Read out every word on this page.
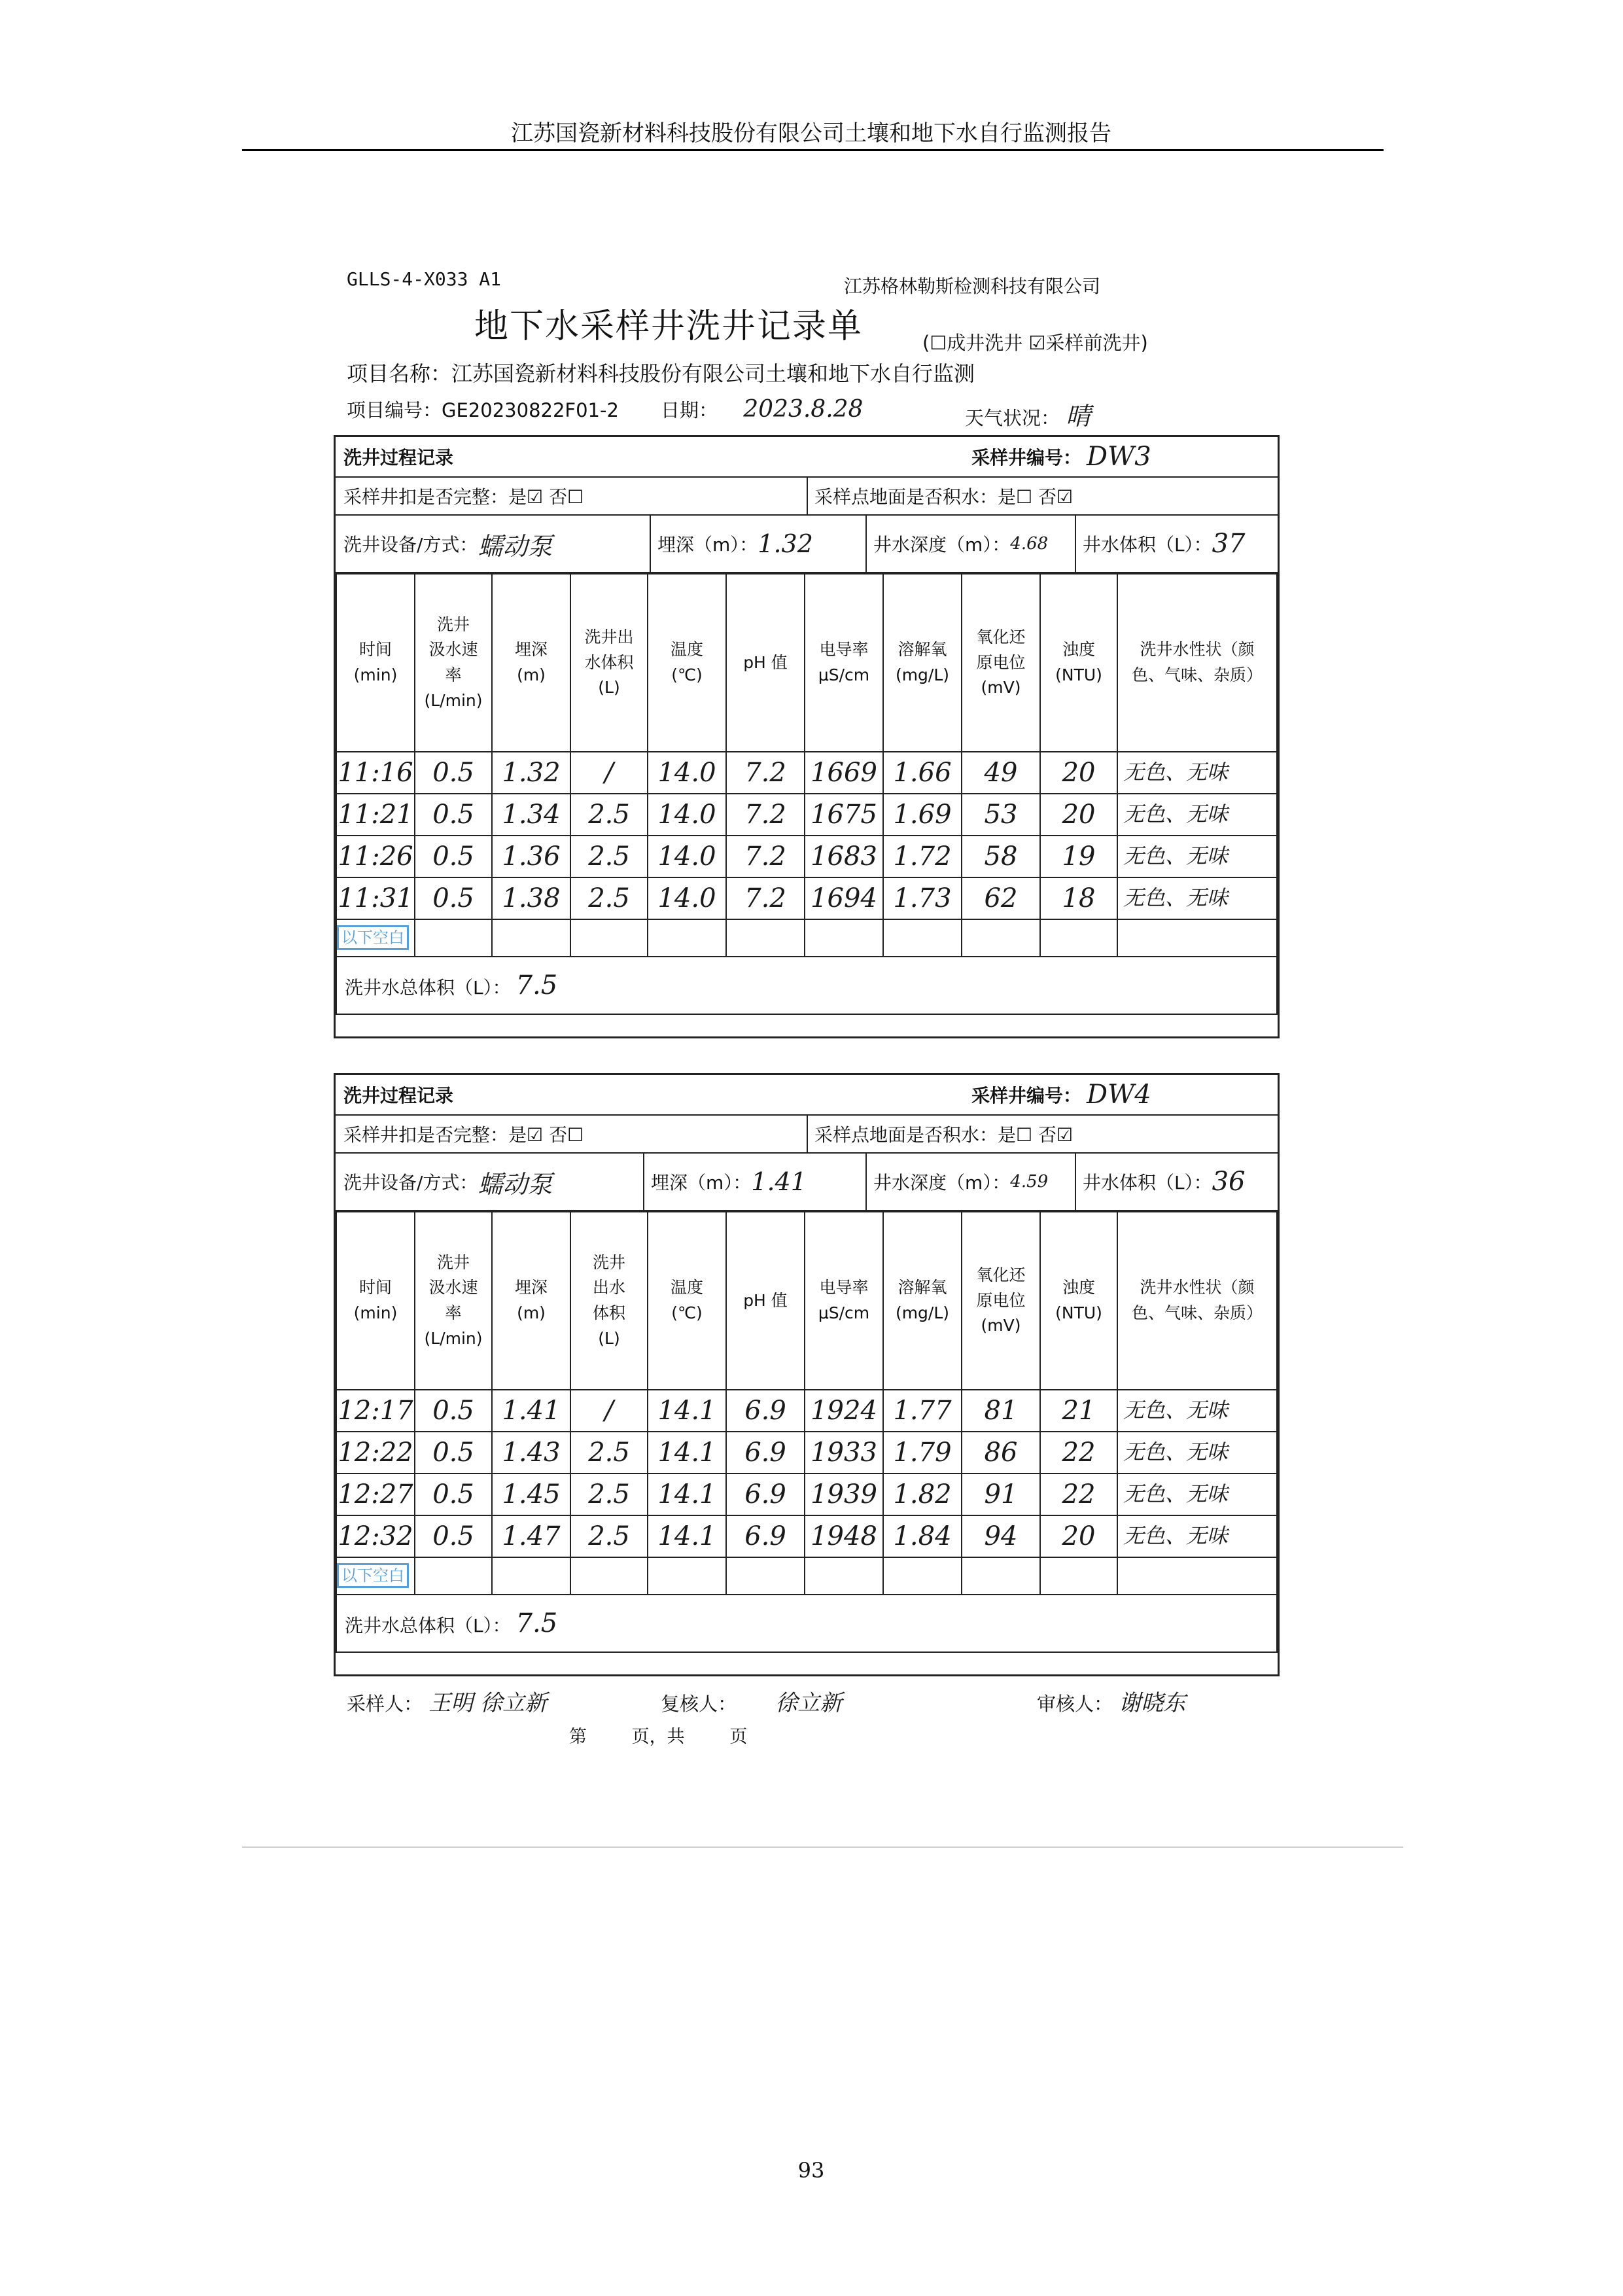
江苏国瓷新材料科技股份有限公司土壤和地下水自行监测报告
GLLS-4-X033 A1	江苏格林勒斯检测科技有限公司
地下水采样井洗井记录单	(☐成井洗井 ☑采样前洗井)
项目名称：江苏国瓷新材料科技股份有限公司土壤和地下水自行监测
项目编号：GE20230822F01-2 日期： 2023.8.28	天气状况： 晴
洗井过程记录	采样井编号： DW3
采样井扣是否完整： 是☑ 否☐	采样点地面是否积水： 是☐ 否☑
洗井设备/方式： 蠕动泵	埋深（m）： 1.32	井水深度（m）： 4.68 井水体积（L）： 37
时间
(min)	洗井
汲水速
率
(L/min)	埋深
(m)	洗井出
水体积
(L)	温度
(℃)	pH 值	电导率
μS/cm	溶解氧
(mg/L)	氧化还
原电位
(mV)	浊度
(NTU)	洗井水性状（颜
色、气味、杂质）
11:16	0.5	1.32	/	14.0	7.2	1669	1.66	49	20	无色、无味
11:21	0.5	1.34	2.5	14.0	7.2	1675	1.69	53	20	无色、无味
11:26	0.5	1.36	2.5	14.0	7.2	1683	1.72	58	19	无色、无味
11:31	0.5	1.38	2.5	14.0	7.2	1694	1.73	62	18	无色、无味
以下空白										
洗井水总体积（L）： 7.5										
洗井过程记录	采样井编号： DW4
采样井扣是否完整： 是☑ 否☐	采样点地面是否积水： 是☐ 否☑
洗井设备/方式： 蠕动泵	埋深（m）： 1.41	井水深度（m）： 4.59 井水体积（L）： 36
时间
(min)	洗井
汲水速
率
(L/min)	埋深
(m)	洗井
出水
体积
(L)	温度
(℃)	pH 值	电导率
μS/cm	溶解氧
(mg/L)	氧化还
原电位
(mV)	浊度
(NTU)	洗井水性状（颜
色、气味、杂质）
12:17	0.5	1.41	/	14.1	6.9	1924	1.77	81	21	无色、无味
12:22	0.5	1.43	2.5	14.1	6.9	1933	1.79	86	22	无色、无味
12:27	0.5	1.45	2.5	14.1	6.9	1939	1.82	91	22	无色、无味
12:32	0.5	1.47	2.5	14.1	6.9	1948	1.84	94	20	无色、无味
以下空白										
洗井水总体积（L）： 7.5										
采样人： 王明 徐立新	复核人： 徐立新	审核人： 谢晓东
第        页，共        页
93
